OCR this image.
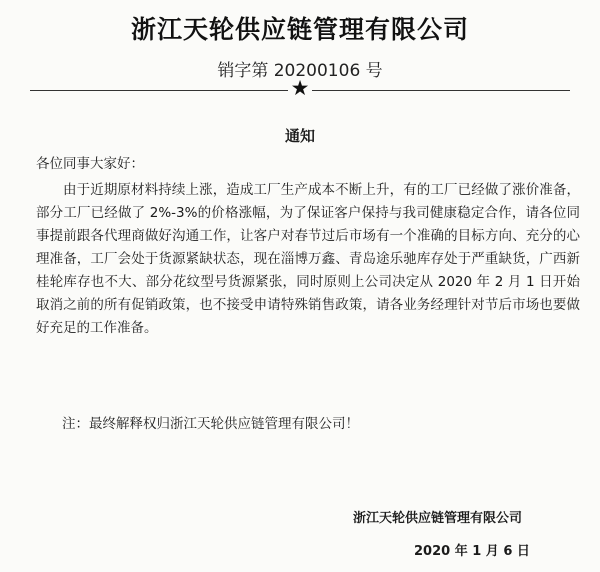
浙江天轮供应链管理有限公司
销字第 20200106 号
★
通知
各位同事大家好：

由于近期原材料持续上涨，造成工厂生产成本不断上升，有的工厂已经做了涨价准备，部分工厂已经做了 2%-3%的价格涨幅，为了保证客户保持与我司健康稳定合作，请各位同事提前跟各代理商做好沟通工作，让客户对春节过后市场有一个准确的目标方向、充分的心理准备，工厂会处于货源紧缺状态，现在淄博万鑫、青岛途乐驰库存处于严重缺货，广西新桂轮库存也不大、部分花纹型号货源紧张，同时原则上公司决定从 2020 年 2 月 1 日开始取消之前的所有促销政策，也不接受申请特殊销售政策，请各业务经理针对节后市场也要做好充足的工作准备。

注：最终解释权归浙江天轮供应链管理有限公司！
浙江天轮供应链管理有限公司
2020 年 1 月 6 日
